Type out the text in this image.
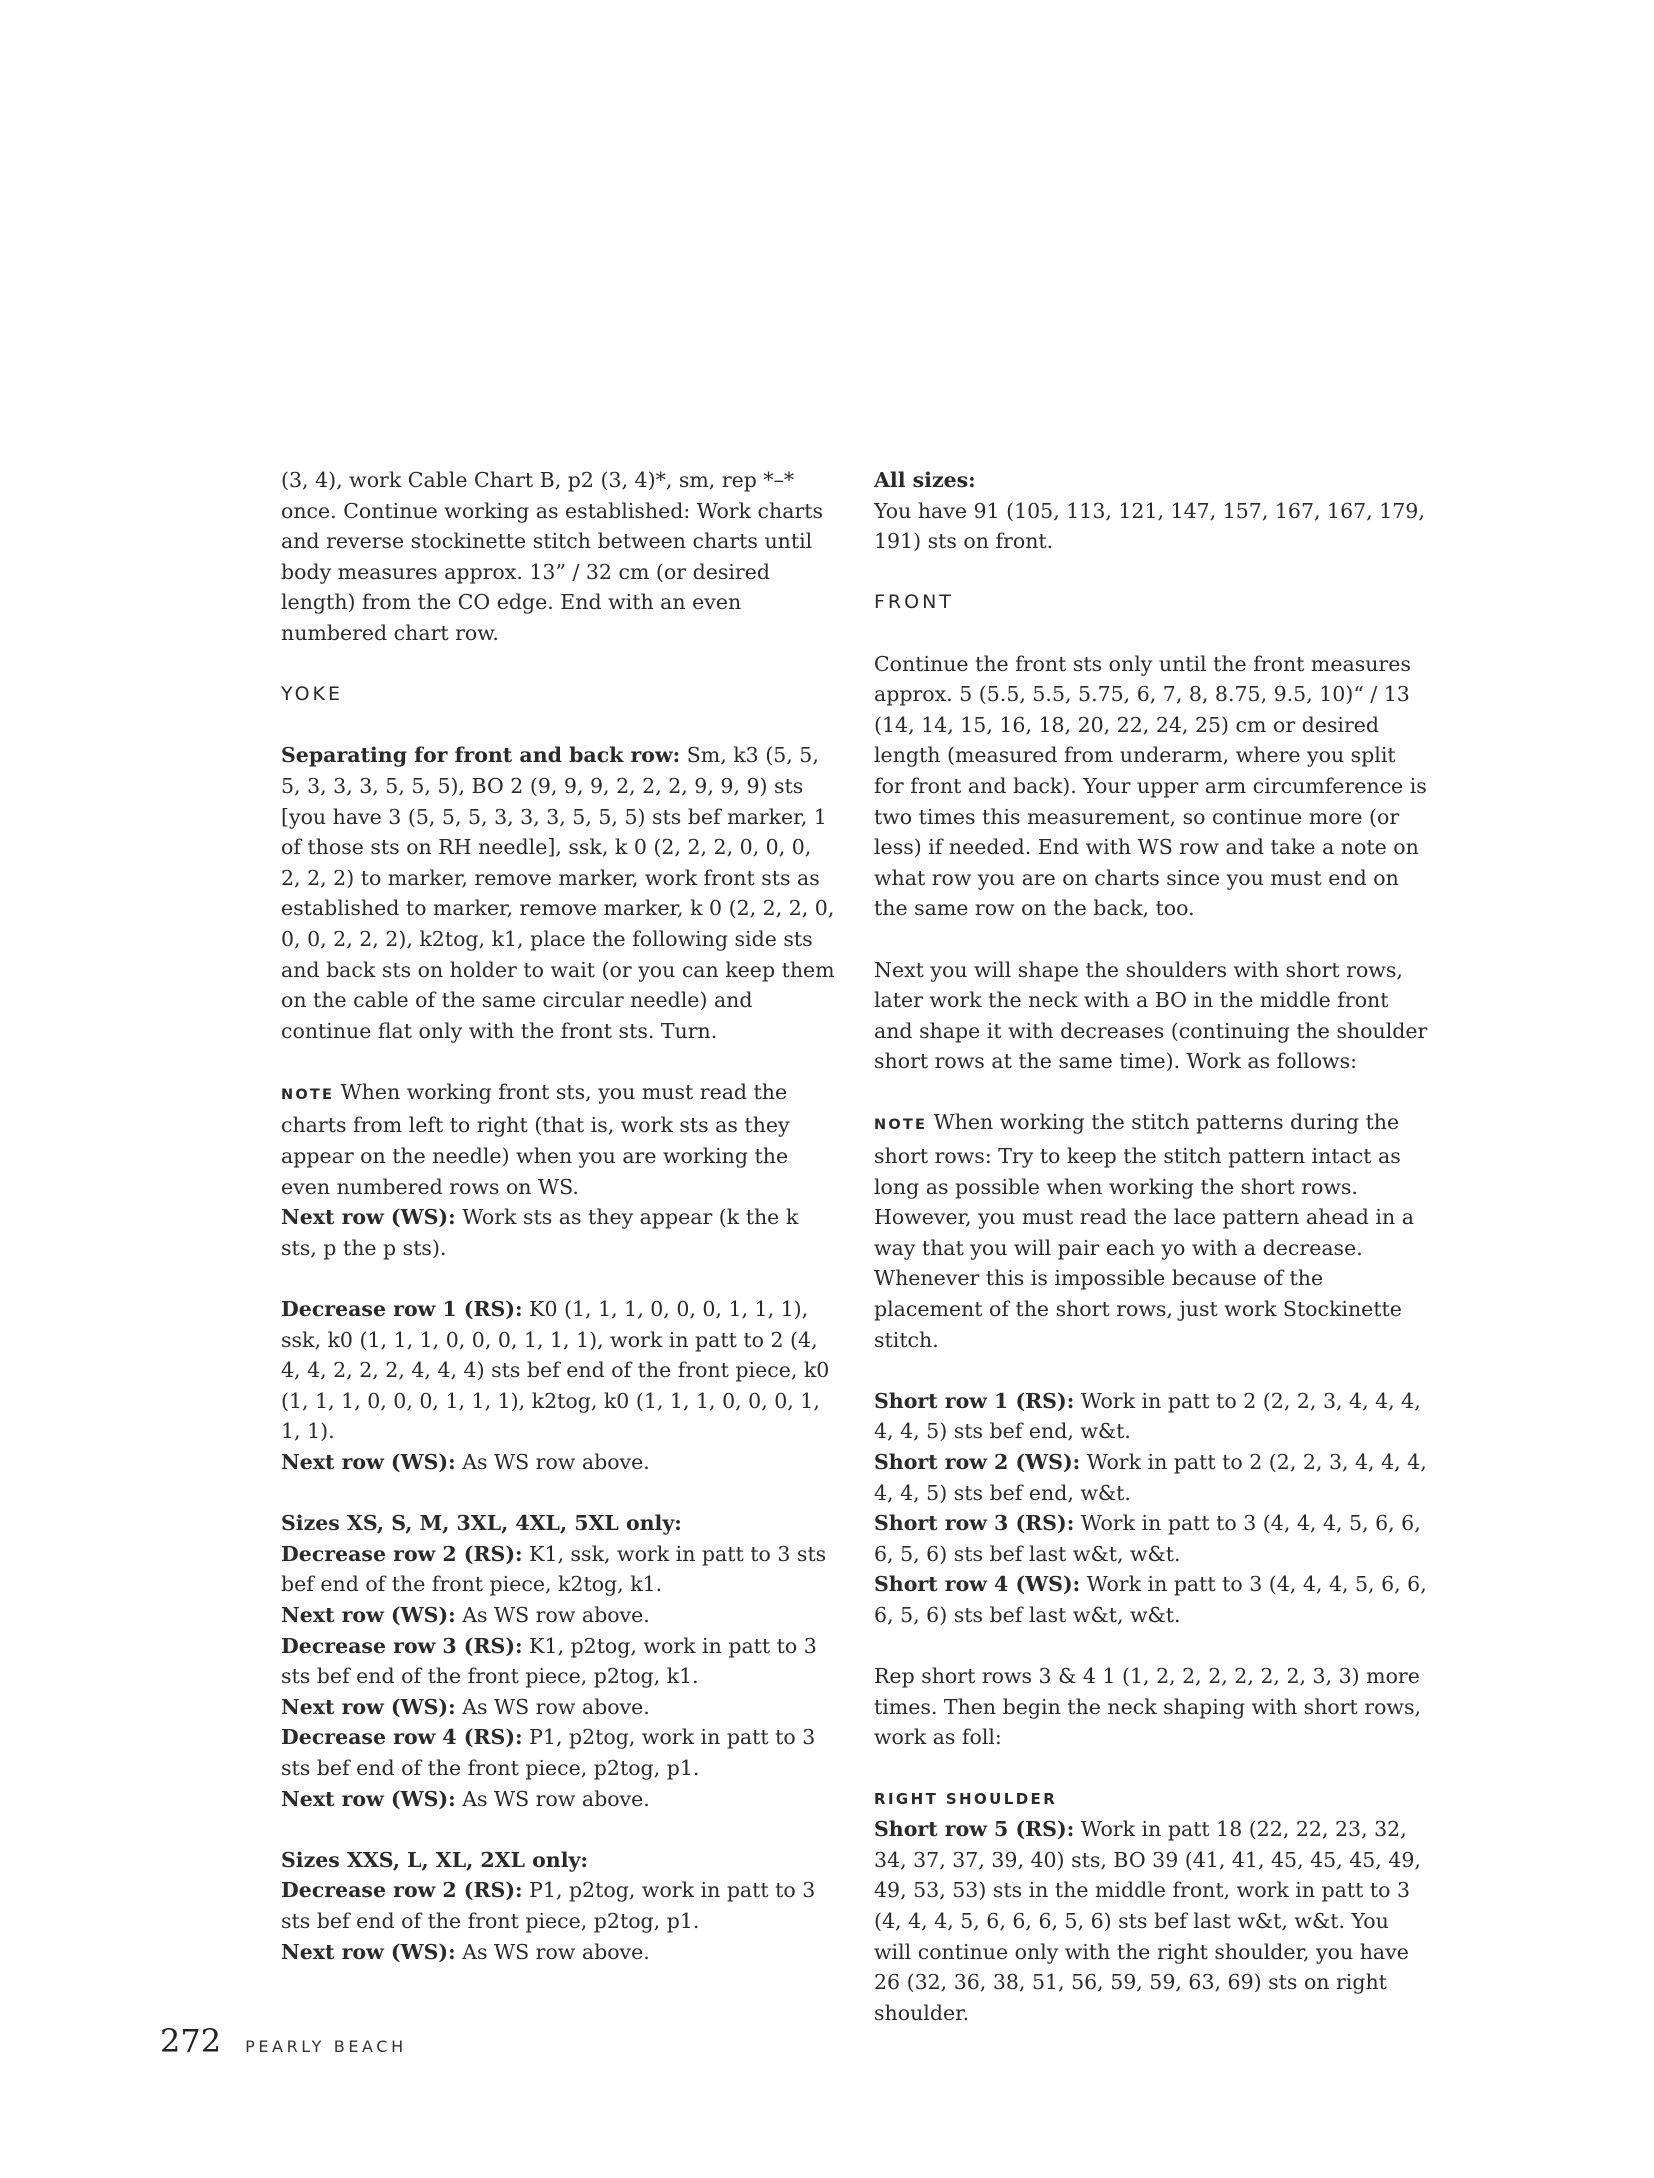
(3, 4), work Cable Chart B, p2 (3, 4)*, sm, rep *–* once. Continue working as established: Work charts and reverse stockinette stitch between charts until body measures approx. 13” / 32 cm (or desired length) from the CO edge. End with an even numbered chart row.

YOKE

Separating for front and back row: Sm, k3 (5, 5, 5, 3, 3, 3, 5, 5, 5), BO 2 (9, 9, 9, 2, 2, 2, 9, 9, 9) sts [you have 3 (5, 5, 5, 3, 3, 3, 5, 5, 5) sts bef marker, 1 of those sts on RH needle], ssk, k 0 (2, 2, 2, 0, 0, 0, 2, 2, 2) to marker, remove marker, work front sts as established to marker, remove marker, k 0 (2, 2, 2, 0, 0, 0, 2, 2, 2), k2tog, k1, place the following side sts and back sts on holder to wait (or you can keep them on the cable of the same circular needle) and continue flat only with the front sts. Turn.

NOTE When working front sts, you must read the charts from left to right (that is, work sts as they appear on the needle) when you are working the even numbered rows on WS.
Next row (WS): Work sts as they appear (k the k sts, p the p sts).

Decrease row 1 (RS): K0 (1, 1, 1, 0, 0, 0, 1, 1, 1), ssk, k0 (1, 1, 1, 0, 0, 0, 1, 1, 1), work in patt to 2 (4, 4, 4, 2, 2, 2, 4, 4, 4) sts bef end of the front piece, k0 (1, 1, 1, 0, 0, 0, 1, 1, 1), k2tog, k0 (1, 1, 1, 0, 0, 0, 1, 1, 1).
Next row (WS): As WS row above.

Sizes XS, S, M, 3XL, 4XL, 5XL only:
Decrease row 2 (RS): K1, ssk, work in patt to 3 sts bef end of the front piece, k2tog, k1.
Next row (WS): As WS row above.
Decrease row 3 (RS): K1, p2tog, work in patt to 3 sts bef end of the front piece, p2tog, k1.
Next row (WS): As WS row above.
Decrease row 4 (RS): P1, p2tog, work in patt to 3 sts bef end of the front piece, p2tog, p1.
Next row (WS): As WS row above.

Sizes XXS, L, XL, 2XL only:
Decrease row 2 (RS): P1, p2tog, work in patt to 3 sts bef end of the front piece, p2tog, p1.
Next row (WS): As WS row above.

All sizes:
You have 91 (105, 113, 121, 147, 157, 167, 167, 179, 191) sts on front.

FRONT

Continue the front sts only until the front measures approx. 5 (5.5, 5.5, 5.75, 6, 7, 8, 8.75, 9.5, 10)“ / 13 (14, 14, 15, 16, 18, 20, 22, 24, 25) cm or desired length (measured from underarm, where you split for front and back). Your upper arm circumference is two times this measurement, so continue more (or less) if needed. End with WS row and take a note on what row you are on charts since you must end on the same row on the back, too.

Next you will shape the shoulders with short rows, later work the neck with a BO in the middle front and shape it with decreases (continuing the shoulder short rows at the same time). Work as follows:

NOTE When working the stitch patterns during the short rows: Try to keep the stitch pattern intact as long as possible when working the short rows. However, you must read the lace pattern ahead in a way that you will pair each yo with a decrease. Whenever this is impossible because of the placement of the short rows, just work Stockinette stitch.

Short row 1 (RS): Work in patt to 2 (2, 2, 3, 4, 4, 4, 4, 4, 5) sts bef end, w&t.
Short row 2 (WS): Work in patt to 2 (2, 2, 3, 4, 4, 4, 4, 4, 5) sts bef end, w&t.
Short row 3 (RS): Work in patt to 3 (4, 4, 4, 5, 6, 6, 6, 5, 6) sts bef last w&t, w&t.
Short row 4 (WS): Work in patt to 3 (4, 4, 4, 5, 6, 6, 6, 5, 6) sts bef last w&t, w&t.

Rep short rows 3 & 4 1 (1, 2, 2, 2, 2, 2, 2, 3, 3) more times. Then begin the neck shaping with short rows, work as foll:

RIGHT SHOULDER
Short row 5 (RS): Work in patt 18 (22, 22, 23, 32, 34, 37, 37, 39, 40) sts, BO 39 (41, 41, 45, 45, 45, 49, 49, 53, 53) sts in the middle front, work in patt to 3 (4, 4, 4, 5, 6, 6, 6, 5, 6) sts bef last w&t, w&t. You will continue only with the right shoulder, you have 26 (32, 36, 38, 51, 56, 59, 59, 63, 69) sts on right shoulder.

272 PEARLY BEACH
